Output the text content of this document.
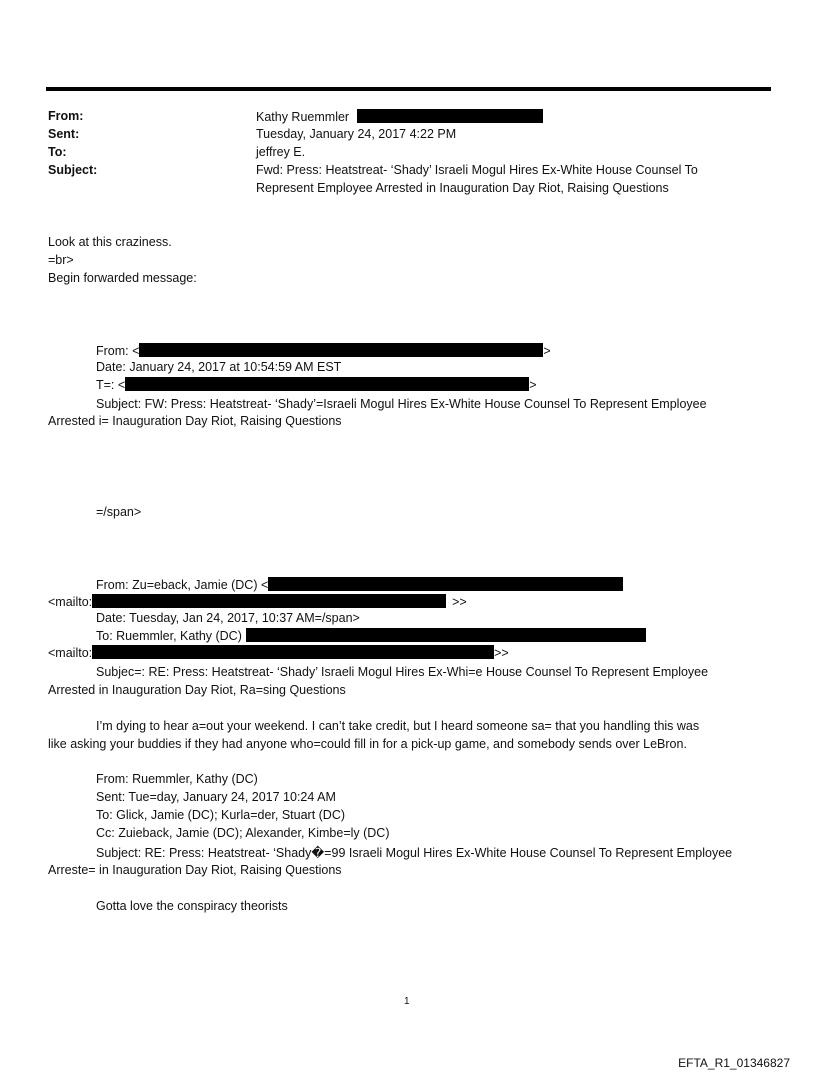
From:	Kathy Ruemmler
Sent:	Tuesday, January 24, 2017 4:22 PM
To:	jeffrey E.
Subject:	Fwd: Press: Heatstreat- ‘Shady’ Israeli Mogul Hires Ex-White House Counsel To
Represent Employee Arrested in Inauguration Day Riot, Raising Questions
Look at this craziness.
=br>
Begin forwarded message:
From: <	>
Date: January 24, 2017 at 10:54:59 AM EST
T=: <	>
Subject: FW: Press: Heatstreat- ‘Shady’=Israeli Mogul Hires Ex-White House Counsel To Represent Employee
Arrested i= Inauguration Day Riot, Raising Questions
=/span>
From: Zu=eback, Jamie (DC) <
<mailto:	>>
Date: Tuesday, Jan 24, 2017, 10:37 AM=/span>
To: Ruemmler, Kathy (DC)
<mailto:	>>
Subjec=: RE: Press: Heatstreat- ‘Shady’ Israeli Mogul Hires Ex-Whi=e House Counsel To Represent Employee
Arrested in Inauguration Day Riot, Ra=sing Questions
I’m dying to hear a=out your weekend. I can’t take credit, but I heard someone sa= that you handling this was
like asking your buddies if they had anyone who=could fill in for a pick-up game, and somebody sends over LeBron.
From: Ruemmler, Kathy (DC)
Sent: Tue=day, January 24, 2017 10:24 AM
To: Glick, Jamie (DC); Kurla=der, Stuart (DC)
Cc: Zuieback, Jamie (DC); Alexander, Kimbe=ly (DC)
Subject: RE: Press: Heatstreat- ‘Shady�=99 Israeli Mogul Hires Ex-White House Counsel To Represent Employee
Arreste= in Inauguration Day Riot, Raising Questions
Gotta love the conspiracy theorists
1
EFTA_R1_01346827
